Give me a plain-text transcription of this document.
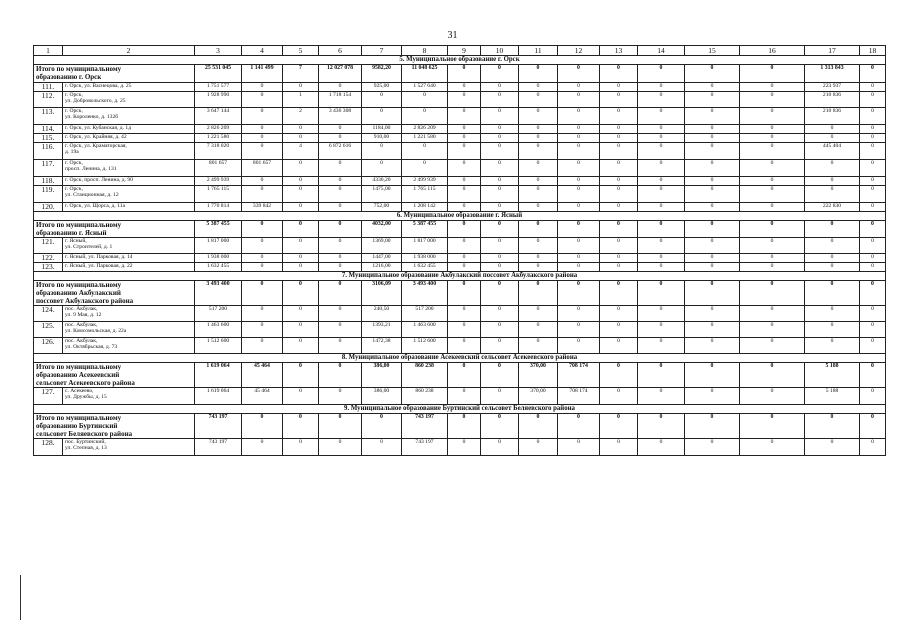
31
1	2	3	4	5	6	7	8	9	10	11	12	13	14	15	16	17	18
5. Муниципальное образование г. Орск																	
Итого по муниципальному
образованию г. Орск		25 531 045	1 141 499	7	12 027 078	9582,20	11 048 625	0	0	0	0	0	0	0	0	1 313 843	0
111.	г. Орск, ул. Васнецова, д. 25	1 751 577	0	0	0	925,00	1 527 640	0	0	0	0	0	0	0	0	223 937	0
112.	г. Орск,
ул. Добровольского, д. 25	1 928 990	0	1	1 718 154	0	0	0	0	0	0	0	0	0	0	210 836	0
113.	г. Орск,
ул. Короленко, д. 132б	3 647 144	0	2	3 436 308	0	0	0	0	0	0	0	0	0	0	210 836	0
114.	г. Орск, ул. Кубанская, д. 1д	2 826 209	0	0	0	1184,00	2 826 209	0	0	0	0	0	0	0	0	0	0
115.	г. Орск, ул. Крайняя, д. 42	1 221 580	0	0	0	910,00	1 221 580	0	0	0	0	0	0	0	0	0	0
116.	г. Орск, ул. Краматорская,
д. 19а	7 318 020	0	4	6 872 616	0	0	0	0	0	0	0	0	0	0	445 404	0
117.	г. Орск,
просп. Ленина, д. 131	801 657	801 657	0	0	0	0	0	0	0	0	0	0	0	0	0	0
118.	г. Орск, просп. Ленина, д. 90	2 499 939	0	0	0	4336,20	2 499 939	0	0	0	0	0	0	0	0	0	0
119.	г. Орск,
ул. Станционная, д. 12	1 765 115	0	0	0	1475,00	1 765 115	0	0	0	0	0	0	0	0	0	0
120.	г. Орск, ул. Щорса, д. 11а	1 770 814	339 842	0	0	752,00	1 208 142	0	0	0	0	0	0	0	0	222 830	0
6. Муниципальное образование г. Ясный																	
Итого по муниципальному
образованию г. Ясный		5 387 455	0	0	0	4032,00	5 387 455	0	0	0	0	0	0	0	0	0	0
121.	г. Ясный,
ул. Строителей, д. 1	1 817 000	0	0	0	1369,00	1 817 000	0	0	0	0	0	0	0	0	0	0
122.	г. Ясный, ул. Парковая, д. 14	1 938 000	0	0	0	1447,00	1 938 000	0	0	0	0	0	0	0	0	0	0
123.	г. Ясный, ул. Парковая, д. 22	1 632 455	0	0	0	1216,00	1 632 455	0	0	0	0	0	0	0	0	0	0
7. Муниципальное образование Акбулакский поссовет Акбулакского района																	
Итого по муниципальному
образованию Акбулакский
поссовет Акбулакского района		3 493 400	0	0	0	3106,09	3 493 400	0	0	0	0	0	0	0	0	0	0
124.	пос. Акбулак,
ул. 9 Мая, д. 12	517 200	0	0	0	240,50	517 200	0	0	0	0	0	0	0	0	0	0
125.	пос. Акбулак,
ул. Комсомольская, д. 22а	1 463 600	0	0	0	1393,21	1 463 600	0	0	0	0	0	0	0	0	0	0
126.	пос. Акбулак,
ул. Октябрьская, д. 73	1 512 600	0	0	0	1472,38	1 512 600	0	0	0	0	0	0	0	0	0	0
8. Муниципальное образование Асекеевский сельсовет Асекеевского района																	
Итого по муниципальному
образованию Асекеевский
сельсовет Асекеевского района		1 619 064	45 464	0	0	386,00	860 238	0	0	370,00	708 174	0	0	0	0	5 188	0
127.	с. Асекеево,
ул. Дружбы, д. 15	1 619 064	45 464	0	0	386,00	860 238	0	0	370,00	708 174	0	0	0	0	5 188	0
9. Муниципальное образование Буртинский сельсовет Беляевского района																	
Итого по муниципальному
образованию Буртинский
сельсовет Беляевского района		743 197	0	0	0	0	743 197	0	0	0	0	0	0	0	0	0	0
128.	пос. Буртинский,
ул. Степная, д. 13	743 197	0	0	0	0	743 197	0	0	0	0	0	0	0	0	0	0
